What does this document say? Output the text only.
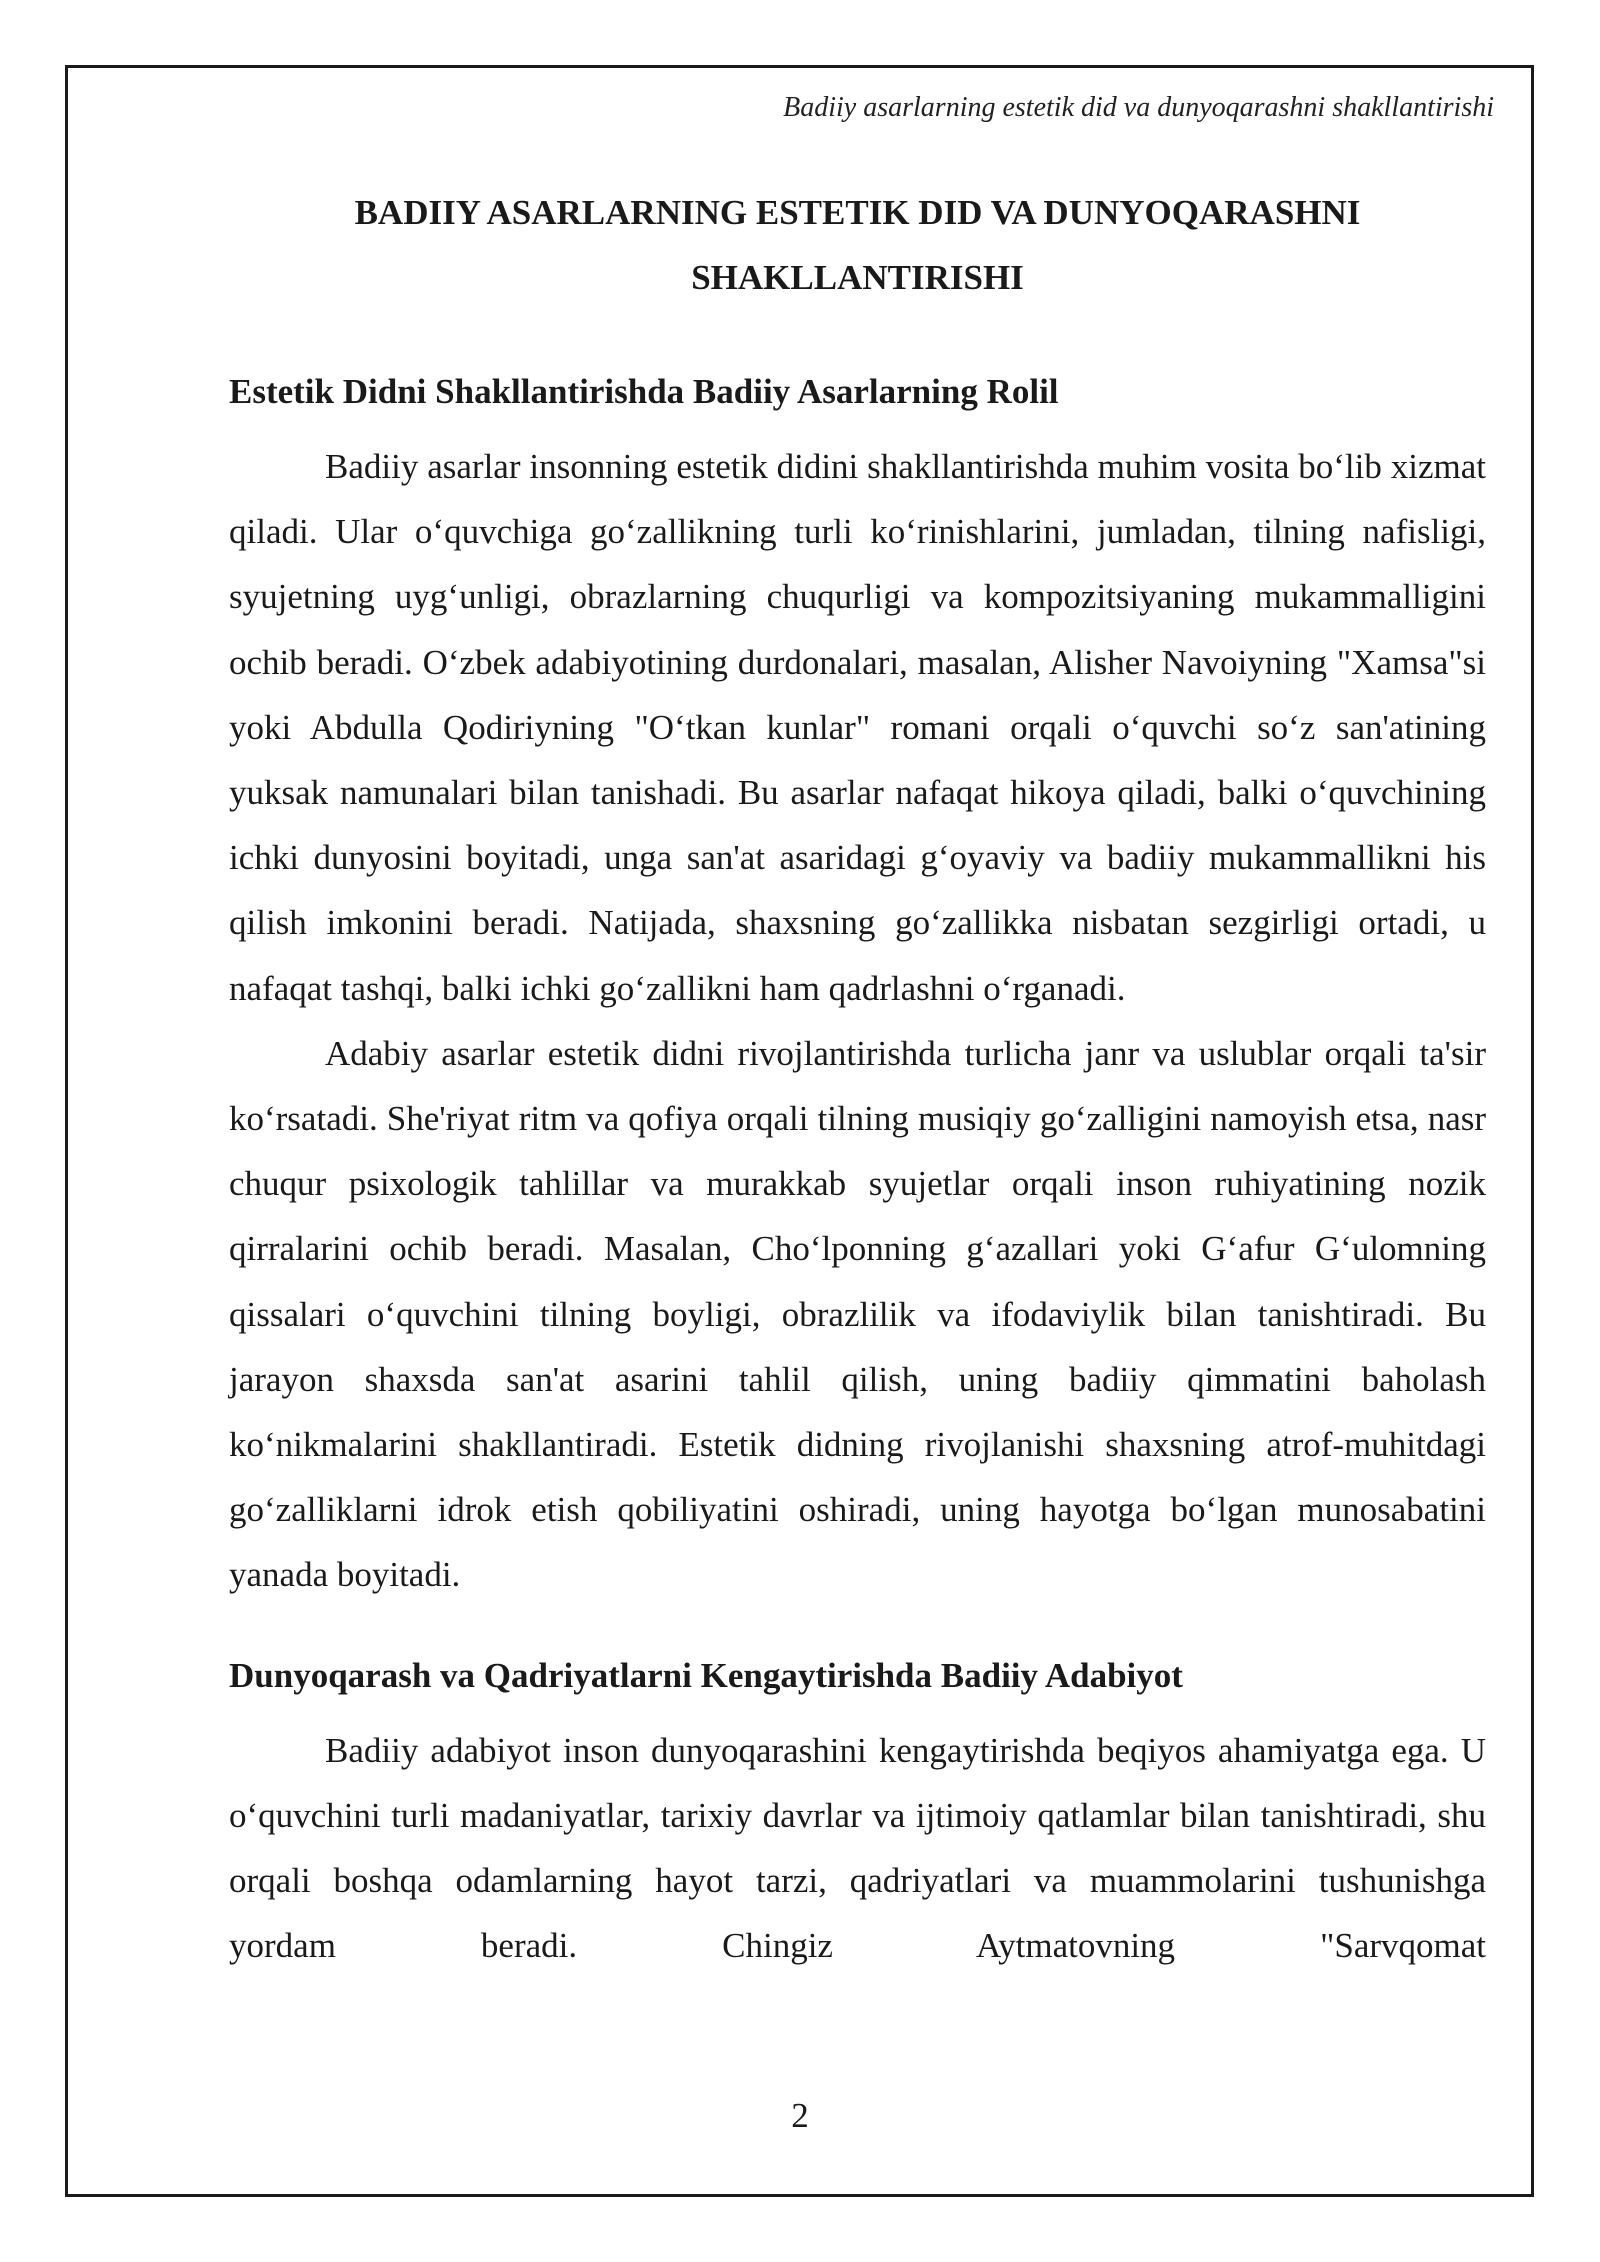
Badiiy asarlarning estetik did va dunyoqarashni shakllantirishi
BADIIY ASARLARNING ESTETIK DID VA DUNYOQARASHNI
SHAKLLANTIRISHI
Estetik Didni Shakllantirishda Badiiy Asarlarning Rolil

Badiiy asarlar insonning estetik didini shakllantirishda muhim vosita bo‘lib xizmat qiladi. Ular o‘quvchiga go‘zallikning turli ko‘rinishlarini, jumladan, tilning nafisligi, syujetning uyg‘unligi, obrazlarning chuqurligi va kompozitsiyaning mukammalligini ochib beradi. O‘zbek adabiyotining durdonalari, masalan, Alisher Navoiyning "Xamsa"si yoki Abdulla Qodiriyning "O‘tkan kunlar" romani orqali o‘quvchi so‘z san'atining yuksak namunalari bilan tanishadi. Bu asarlar nafaqat hikoya qiladi, balki o‘quvchining ichki dunyosini boyitadi, unga san'at asaridagi g‘oyaviy va badiiy mukammallikni his qilish imkonini beradi. Natijada, shaxsning go‘zallikka nisbatan sezgirligi ortadi, u nafaqat tashqi, balki ichki go‘zallikni ham qadrlashni o‘rganadi.

Adabiy asarlar estetik didni rivojlantirishda turlicha janr va uslublar orqali ta'sir ko‘rsatadi. She'riyat ritm va qofiya orqali tilning musiqiy go‘zalligini namoyish etsa, nasr chuqur psixologik tahlillar va murakkab syujetlar orqali inson ruhiyatining nozik qirralarini ochib beradi. Masalan, Cho‘lponning g‘azallari yoki G‘afur G‘ulomning qissalari o‘quvchini tilning boyligi, obrazlilik va ifodaviylik bilan tanishtiradi. Bu jarayon shaxsda san'at asarini tahlil qilish, uning badiiy qimmatini baholash ko‘nikmalarini shakllantiradi. Estetik didning rivojlanishi shaxsning atrof-muhitdagi go‘zalliklarni idrok etish qobiliyatini oshiradi, uning hayotga bo‘lgan munosabatini yanada boyitadi.

Dunyoqarash va Qadriyatlarni Kengaytirishda Badiiy Adabiyot

Badiiy adabiyot inson dunyoqarashini kengaytirishda beqiyos ahamiyatga ega. U o‘quvchini turli madaniyatlar, tarixiy davrlar va ijtimoiy qatlamlar bilan tanishtiradi, shu orqali boshqa odamlarning hayot tarzi, qadriyatlari va muammolarini tushunishga yordam beradi. Chingiz Aytmatovning "Sarvqomat

2
